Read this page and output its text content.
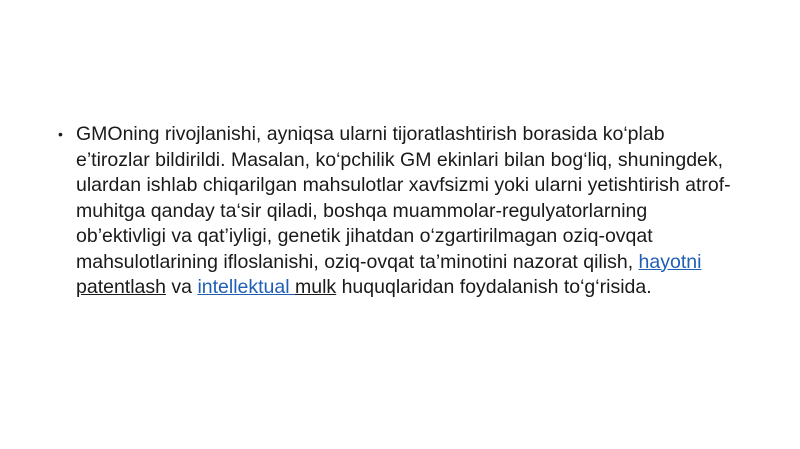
• GMOning rivojlanishi, ayniqsa ularni tijoratlashtirish borasida ko‘plab e’tirozlar bildirildi. Masalan, ko‘pchilik GM ekinlari bilan bog‘liq, shuningdek, ulardan ishlab chiqarilgan mahsulotlar xavfsizmi yoki ularni yetishtirish atrof-muhitga qanday ta‘sir qiladi, boshqa muammolar-regulyatorlarning ob’ektivligi va qat’iyligi, genetik jihatdan o‘zgartirilmagan oziq-ovqat mahsulotlarining ifloslanishi, oziq-ovqat ta’minotini nazorat qilish, hayotni patentlash va intellektual mulk huquqlaridan foydalanish to‘g‘risida.
